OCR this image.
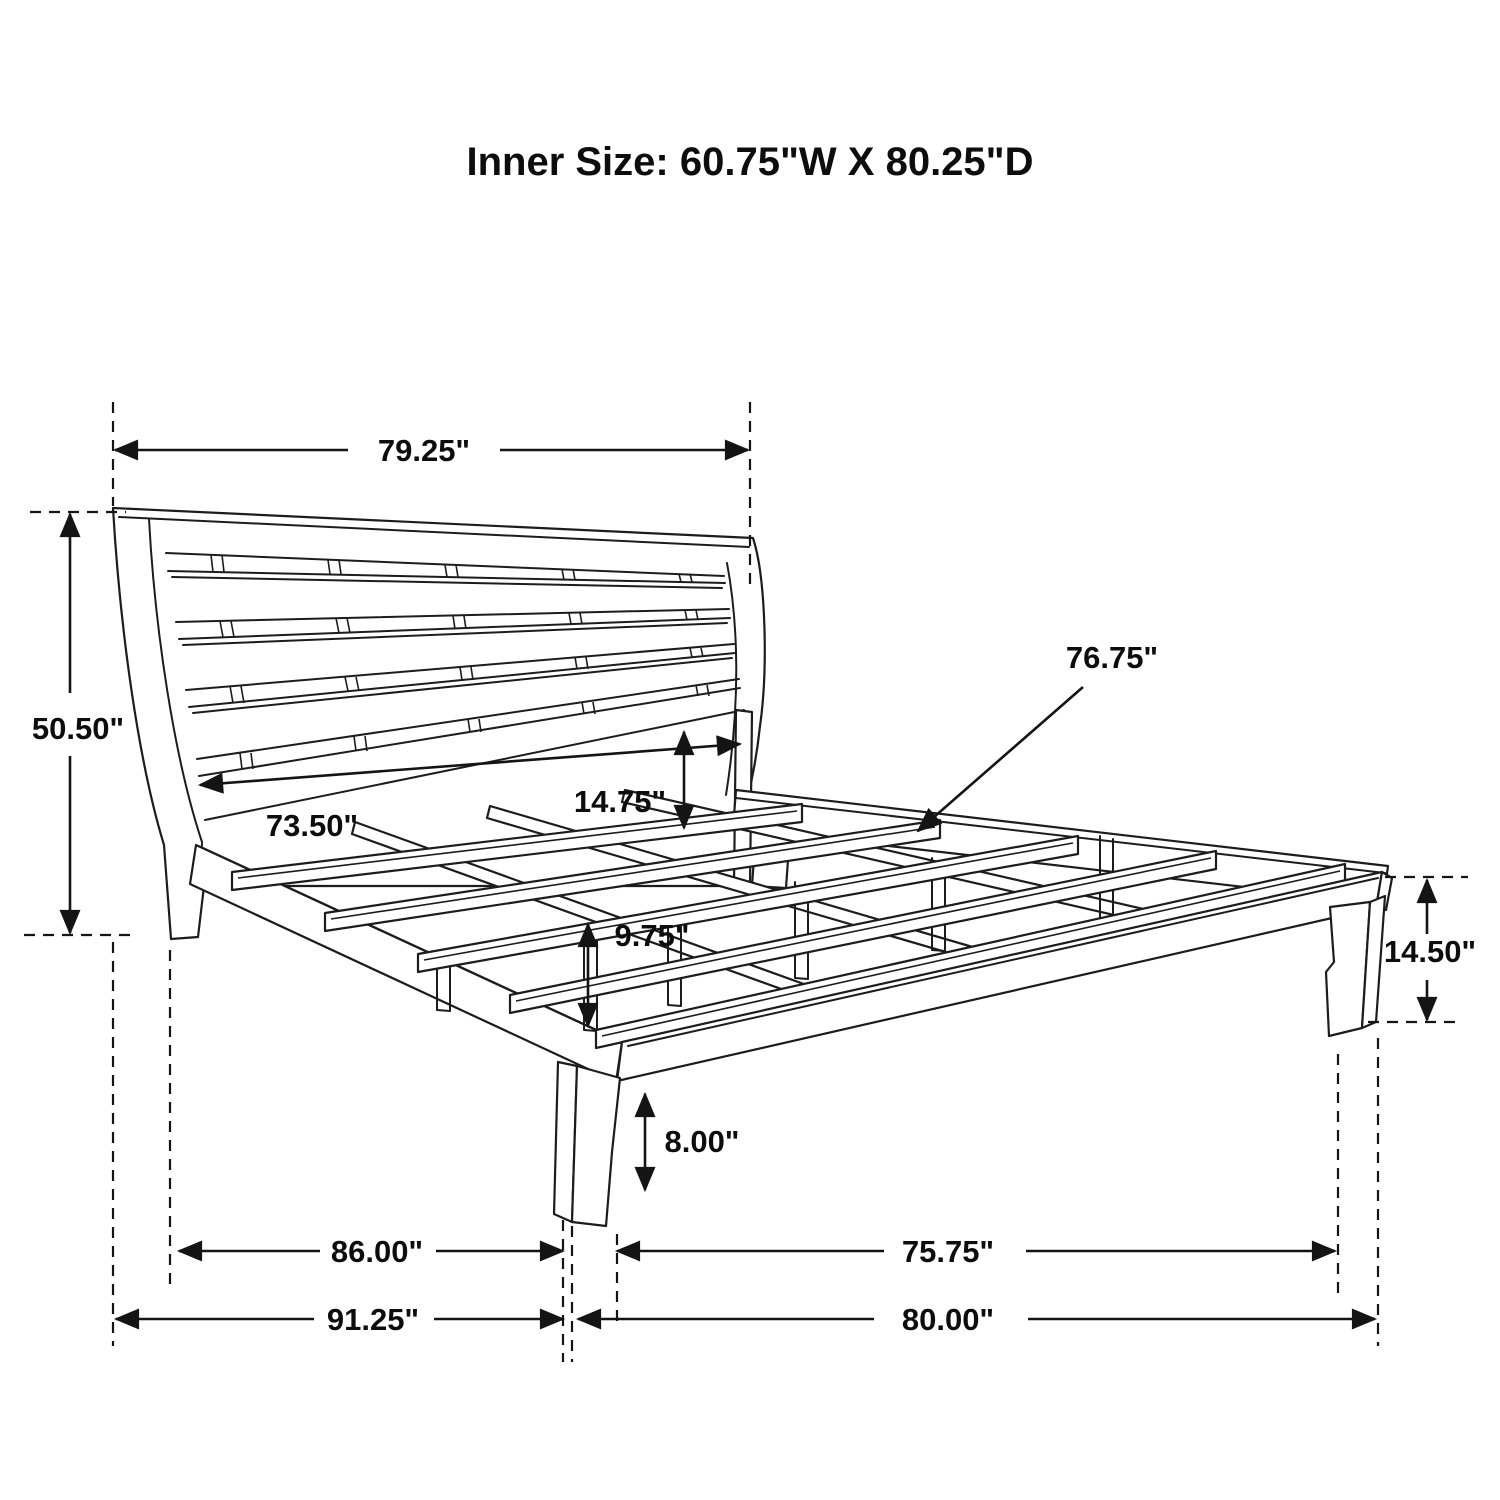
Inner Size: 60.75"W X 80.25"D
79.25"
50.50"
73.50"
14.75"
76.75"
9.75"
8.00"
14.50"
86.00"	75.75"
91.25"	80.00"
